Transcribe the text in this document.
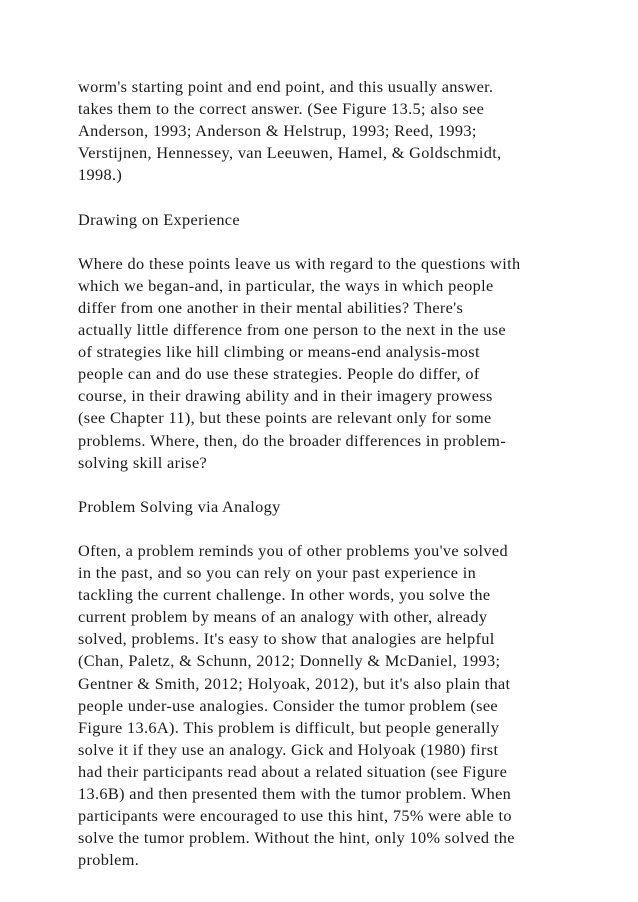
worm's starting point and end point, and this usually answer.
takes them to the correct answer. (See Figure 13.5; also see
Anderson, 1993; Anderson & Helstrup, 1993; Reed, 1993;
Verstijnen, Hennessey, van Leeuwen, Hamel, & Goldschmidt,
1998.)
Drawing on Experience
Where do these points leave us with regard to the questions with
which we began-and, in particular, the ways in which people
differ from one another in their mental abilities? There's
actually little difference from one person to the next in the use
of strategies like hill climbing or means-end analysis-most
people can and do use these strategies. People do differ, of
course, in their drawing ability and in their imagery prowess
(see Chapter 11), but these points are relevant only for some
problems. Where, then, do the broader differences in problem-
solving skill arise?
Problem Solving via Analogy
Often, a problem reminds you of other problems you've solved
in the past, and so you can rely on your past experience in
tackling the current challenge. In other words, you solve the
current problem by means of an analogy with other, already
solved, problems. It's easy to show that analogies are helpful
(Chan, Paletz, & Schunn, 2012; Donnelly & McDaniel, 1993;
Gentner & Smith, 2012; Holyoak, 2012), but it's also plain that
people under-use analogies. Consider the tumor problem (see
Figure 13.6A). This problem is difficult, but people generally
solve it if they use an analogy. Gick and Holyoak (1980) first
had their participants read about a related situation (see Figure
13.6B) and then presented them with the tumor problem. When
participants were encouraged to use this hint, 75% were able to
solve the tumor problem. Without the hint, only 10% solved the
problem.
